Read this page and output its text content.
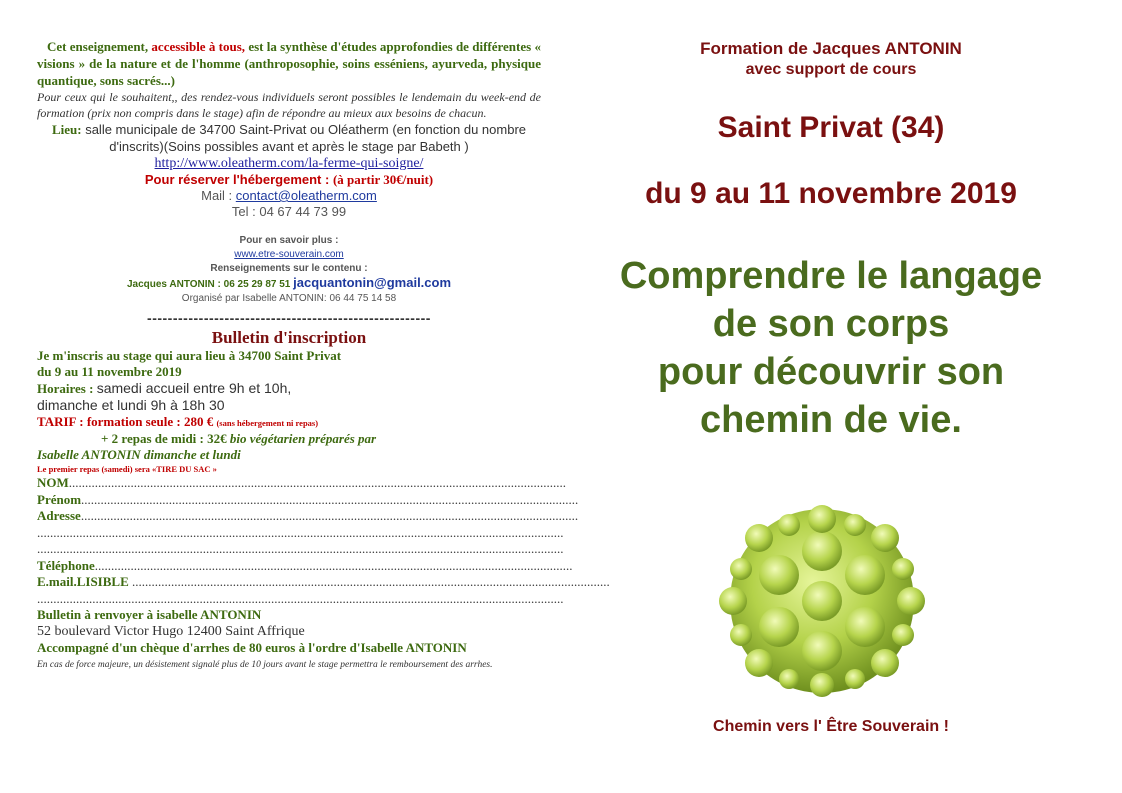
Cet enseignement, accessible à tous, est la synthèse d'études approfondies de différentes « visions » de la nature et de l'homme (anthroposophie, soins esséniens, ayurveda, physique quantique, sons sacrés...)

Pour ceux qui le souhaitent,, des rendez-vous individuels seront possibles le lendemain du week-end de formation (prix non compris dans le stage) afin de répondre au mieux aux besoins de chacun.

Lieu: salle municipale de 34700 Saint-Privat ou Oléatherm (en fonction du nombre d'inscrits)(Soins possibles avant et après le stage par Babeth )

http://www.oleatherm.com/la-ferme-qui-soigne/

Pour réserver l'hébergement : (à partir 30€/nuit)

Mail : contact@oleatherm.com

Tel : 04 67 44 73 99

Pour en savoir plus :

www.etre-souverain.com

Renseignements sur le contenu :

Jacques ANTONIN : 06 25 29 87 51 jacquantonin@gmail.com

Organisé par Isabelle ANTONIN: 06 44 75 14 58

-------------------------------------------------------

Bulletin d'inscription

Je m'inscris au stage qui aura lieu à 34700 Saint Privat

du 9 au 11 novembre 2019

Horaires : samedi accueil entre 9h et 10h,

dimanche et lundi 9h à 18h 30

TARIF : formation seule : 280 € (sans hébergement ni repas)

+ 2 repas de midi : 32€ bio végétarien préparés par

Isabelle ANTONIN dimanche et lundi

Le premier repas (samedi) sera «TIRE DU SAC »

NOM.........................................................................................................................................................
Prénom.........................................................................................................................................................
Adresse.........................................................................................................................................................
..................................................................................................................................................................
..................................................................................................................................................................
Téléphone...................................................................................................................................................
E.mail.LISIBLE ...................................................................................................................................................
..................................................................................................................................................................

Bulletin à renvoyer à isabelle ANTONIN

52 boulevard Victor Hugo 12400 Saint Affrique

Accompagné d'un chèque d'arrhes de 80 euros à l'ordre d'Isabelle ANTONIN

En cas de force majeure, un désistement signalé plus de 10 jours avant le stage permettra le remboursement des arrhes.

Formation de Jacques ANTONIN
avec support de cours
Saint Privat (34)
du 9 au 11 novembre 2019
Comprendre le langage
de son corps
pour découvrir son
chemin de vie.
Chemin vers l' Être Souverain !
